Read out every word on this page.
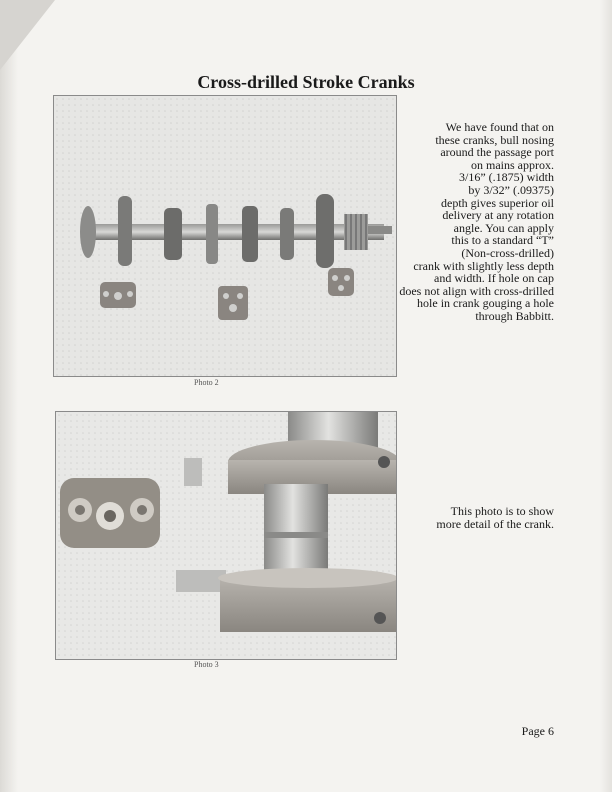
Cross-drilled Stroke Cranks
Photo 2

We have found that on
these cranks, bull nosing
around the passage port
on mains approx.
3/16” (.1875) width
by 3/32” (.09375)
depth gives superior oil
delivery at any rotation
angle. You can apply
this to a standard “T”
(Non-cross-drilled)
crank with slightly less depth
and width. If hole on cap
does not align with cross-drilled
hole in crank gouging a hole
through Babbitt.

Photo 3

This photo is to show
more detail of the crank.

Page 6
